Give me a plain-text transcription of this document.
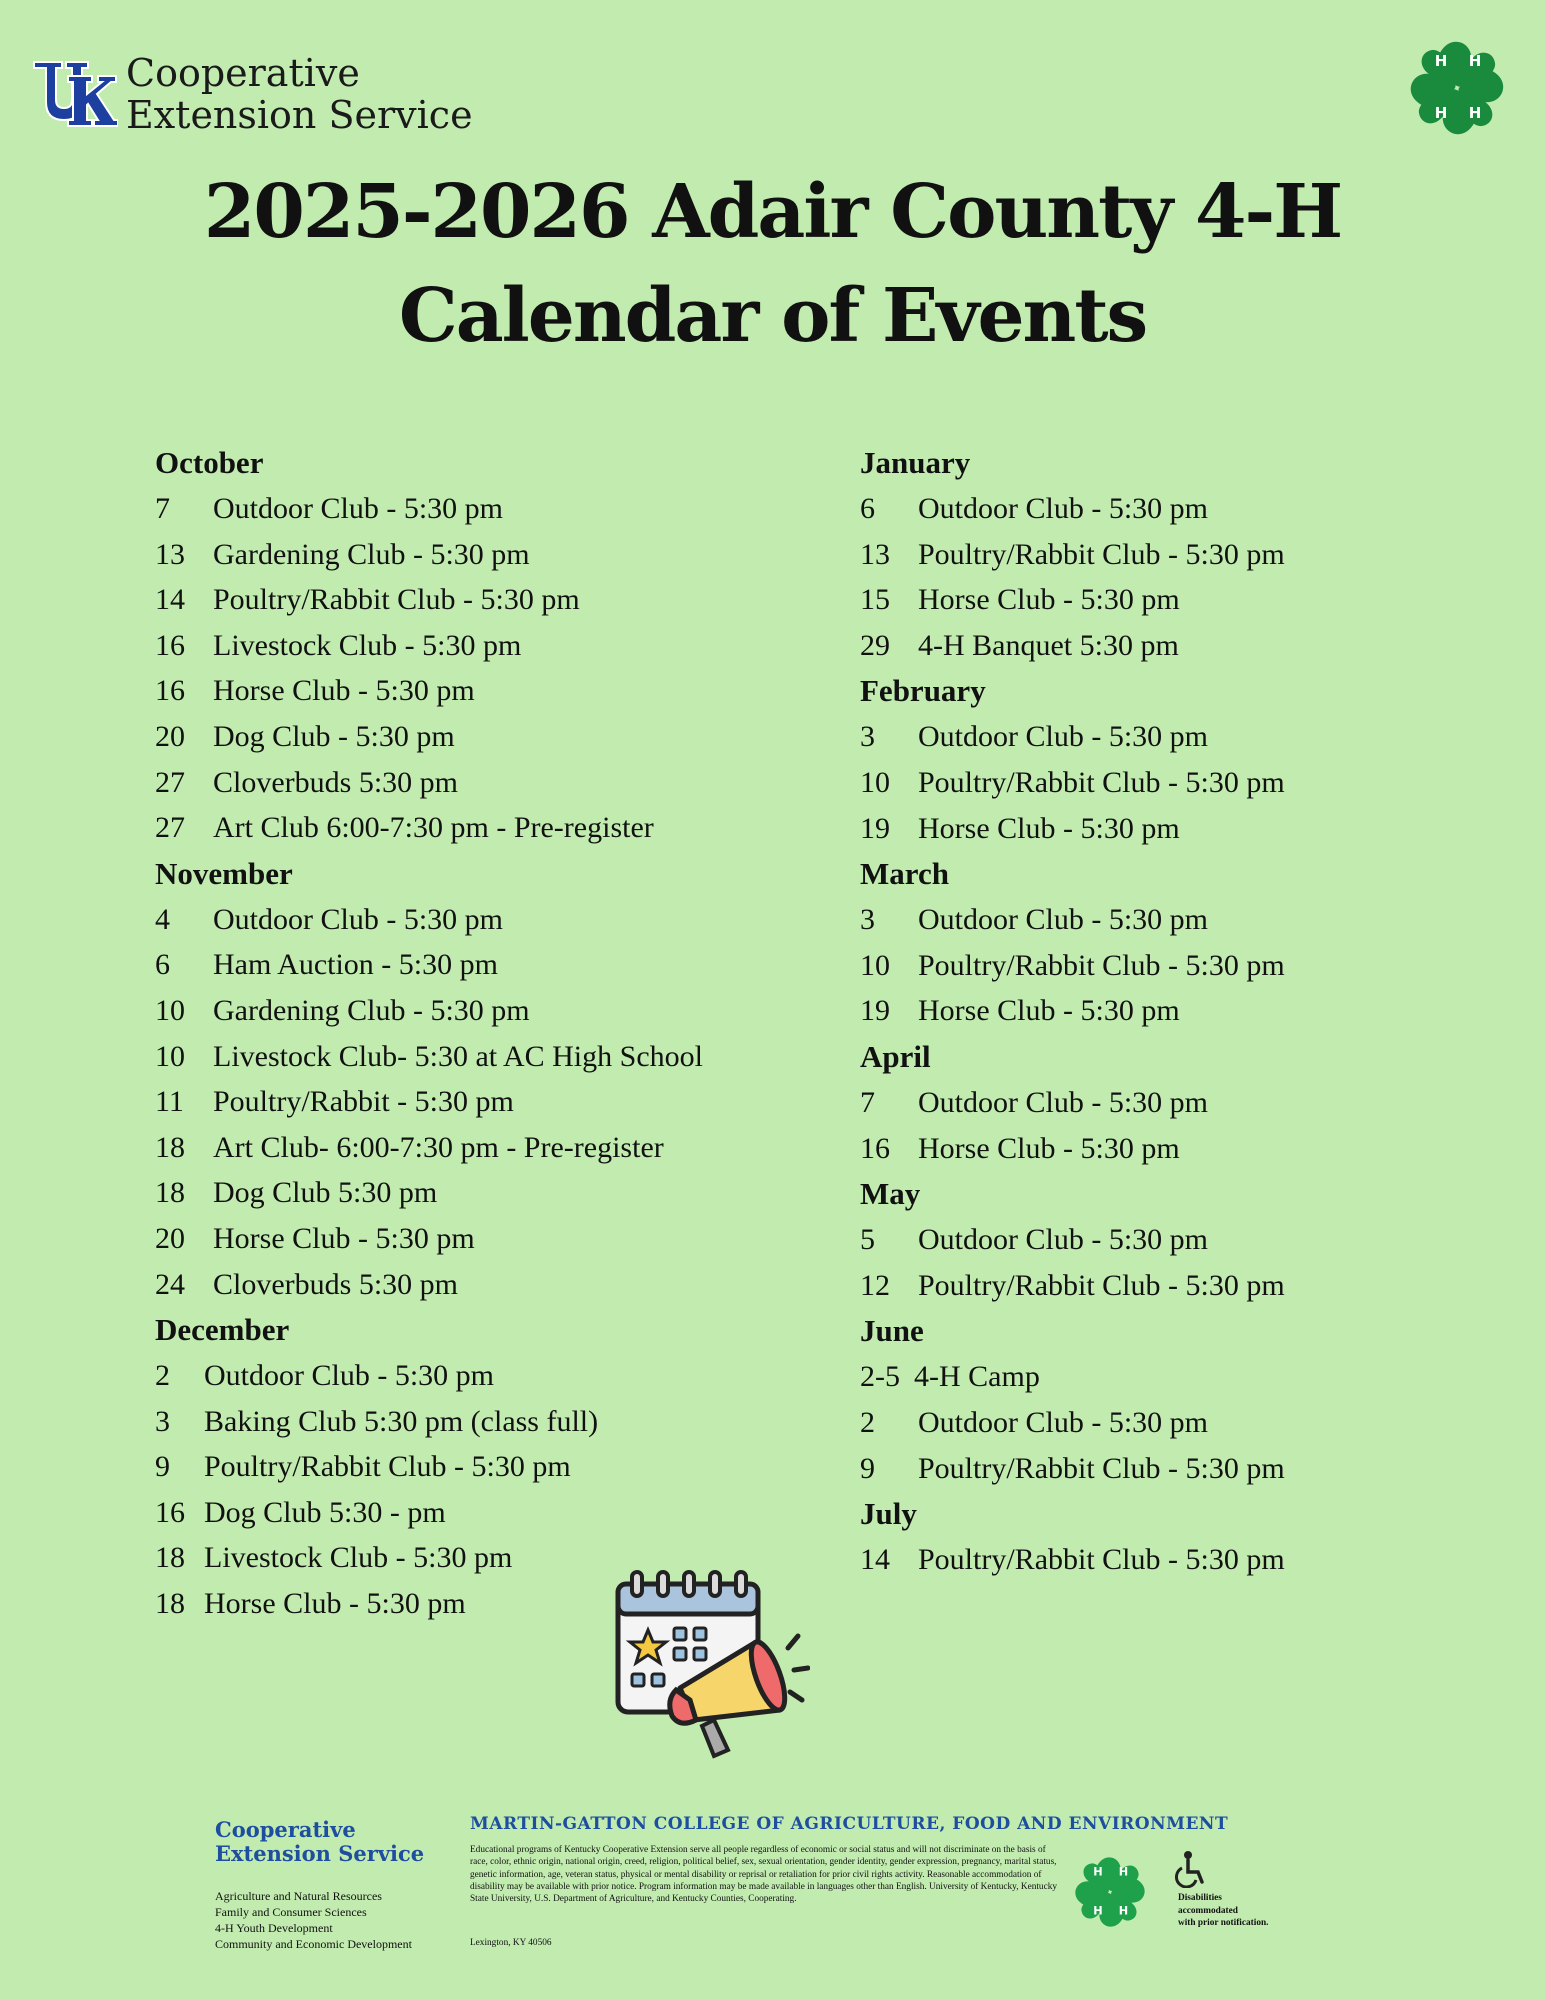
Cooperative
Extension Service
H H
H H
2025-2026 Adair County 4-H
Calendar of Events
October
7	Outdoor Club - 5:30 pm
13 Gardening Club - 5:30 pm
14 Poultry/Rabbit Club - 5:30 pm
16 Livestock Club - 5:30 pm
16 Horse Club - 5:30 pm
20 Dog Club - 5:30 pm
27 Cloverbuds 5:30 pm
27 Art Club 6:00-7:30 pm - Pre-register
November
4	Outdoor Club - 5:30 pm
6	Ham Auction - 5:30 pm
10 Gardening Club - 5:30 pm
10 Livestock Club- 5:30 at AC High School
11 Poultry/Rabbit - 5:30 pm
18 Art Club- 6:00-7:30 pm - Pre-register
18 Dog Club 5:30 pm
20 Horse Club - 5:30 pm
24 Cloverbuds 5:30 pm
December
2	Outdoor Club - 5:30 pm
3	Baking Club 5:30 pm (class full)
9	Poultry/Rabbit Club - 5:30 pm
16 Dog Club 5:30 - pm
18 Livestock Club - 5:30 pm
18 Horse Club - 5:30 pm
January
6	Outdoor Club - 5:30 pm
13 Poultry/Rabbit Club - 5:30 pm
15 Horse Club - 5:30 pm
29 4-H Banquet 5:30 pm
February
3	Outdoor Club - 5:30 pm
10 Poultry/Rabbit Club - 5:30 pm
19 Horse Club - 5:30 pm
March
3	Outdoor Club - 5:30 pm
10 Poultry/Rabbit Club - 5:30 pm
19 Horse Club - 5:30 pm
April
7	Outdoor Club - 5:30 pm
16 Horse Club - 5:30 pm
May
5	Outdoor Club - 5:30 pm
12 Poultry/Rabbit Club - 5:30 pm
June
2-5 4-H Camp
2	Outdoor Club - 5:30 pm
9	Poultry/Rabbit Club - 5:30 pm
July
14 Poultry/Rabbit Club - 5:30 pm
Cooperative
Extension Service
Agriculture and Natural Resources
Family and Consumer Sciences
4-H Youth Development
Community and Economic Development
MARTIN-GATTON COLLEGE OF AGRICULTURE, FOOD AND ENVIRONMENT
Educational programs of Kentucky Cooperative Extension serve all people regardless of economic or social status and will not discriminate on the basis of race, color, ethnic origin, national origin, creed, religion, political belief, sex, sexual orientation, gender identity, gender expression, pregnancy, marital status, genetic information, age, veteran status, physical or mental disability or reprisal or retaliation for prior civil rights activity. Reasonable accommodation of disability may be available with prior notice. Program information may be made available in languages other than English. University of Kentucky, Kentucky State University, U.S. Department of Agriculture, and Kentucky Counties, Cooperating.
Lexington, KY 40506
H H
H H
Disabilities
accommodated
with prior notification.
